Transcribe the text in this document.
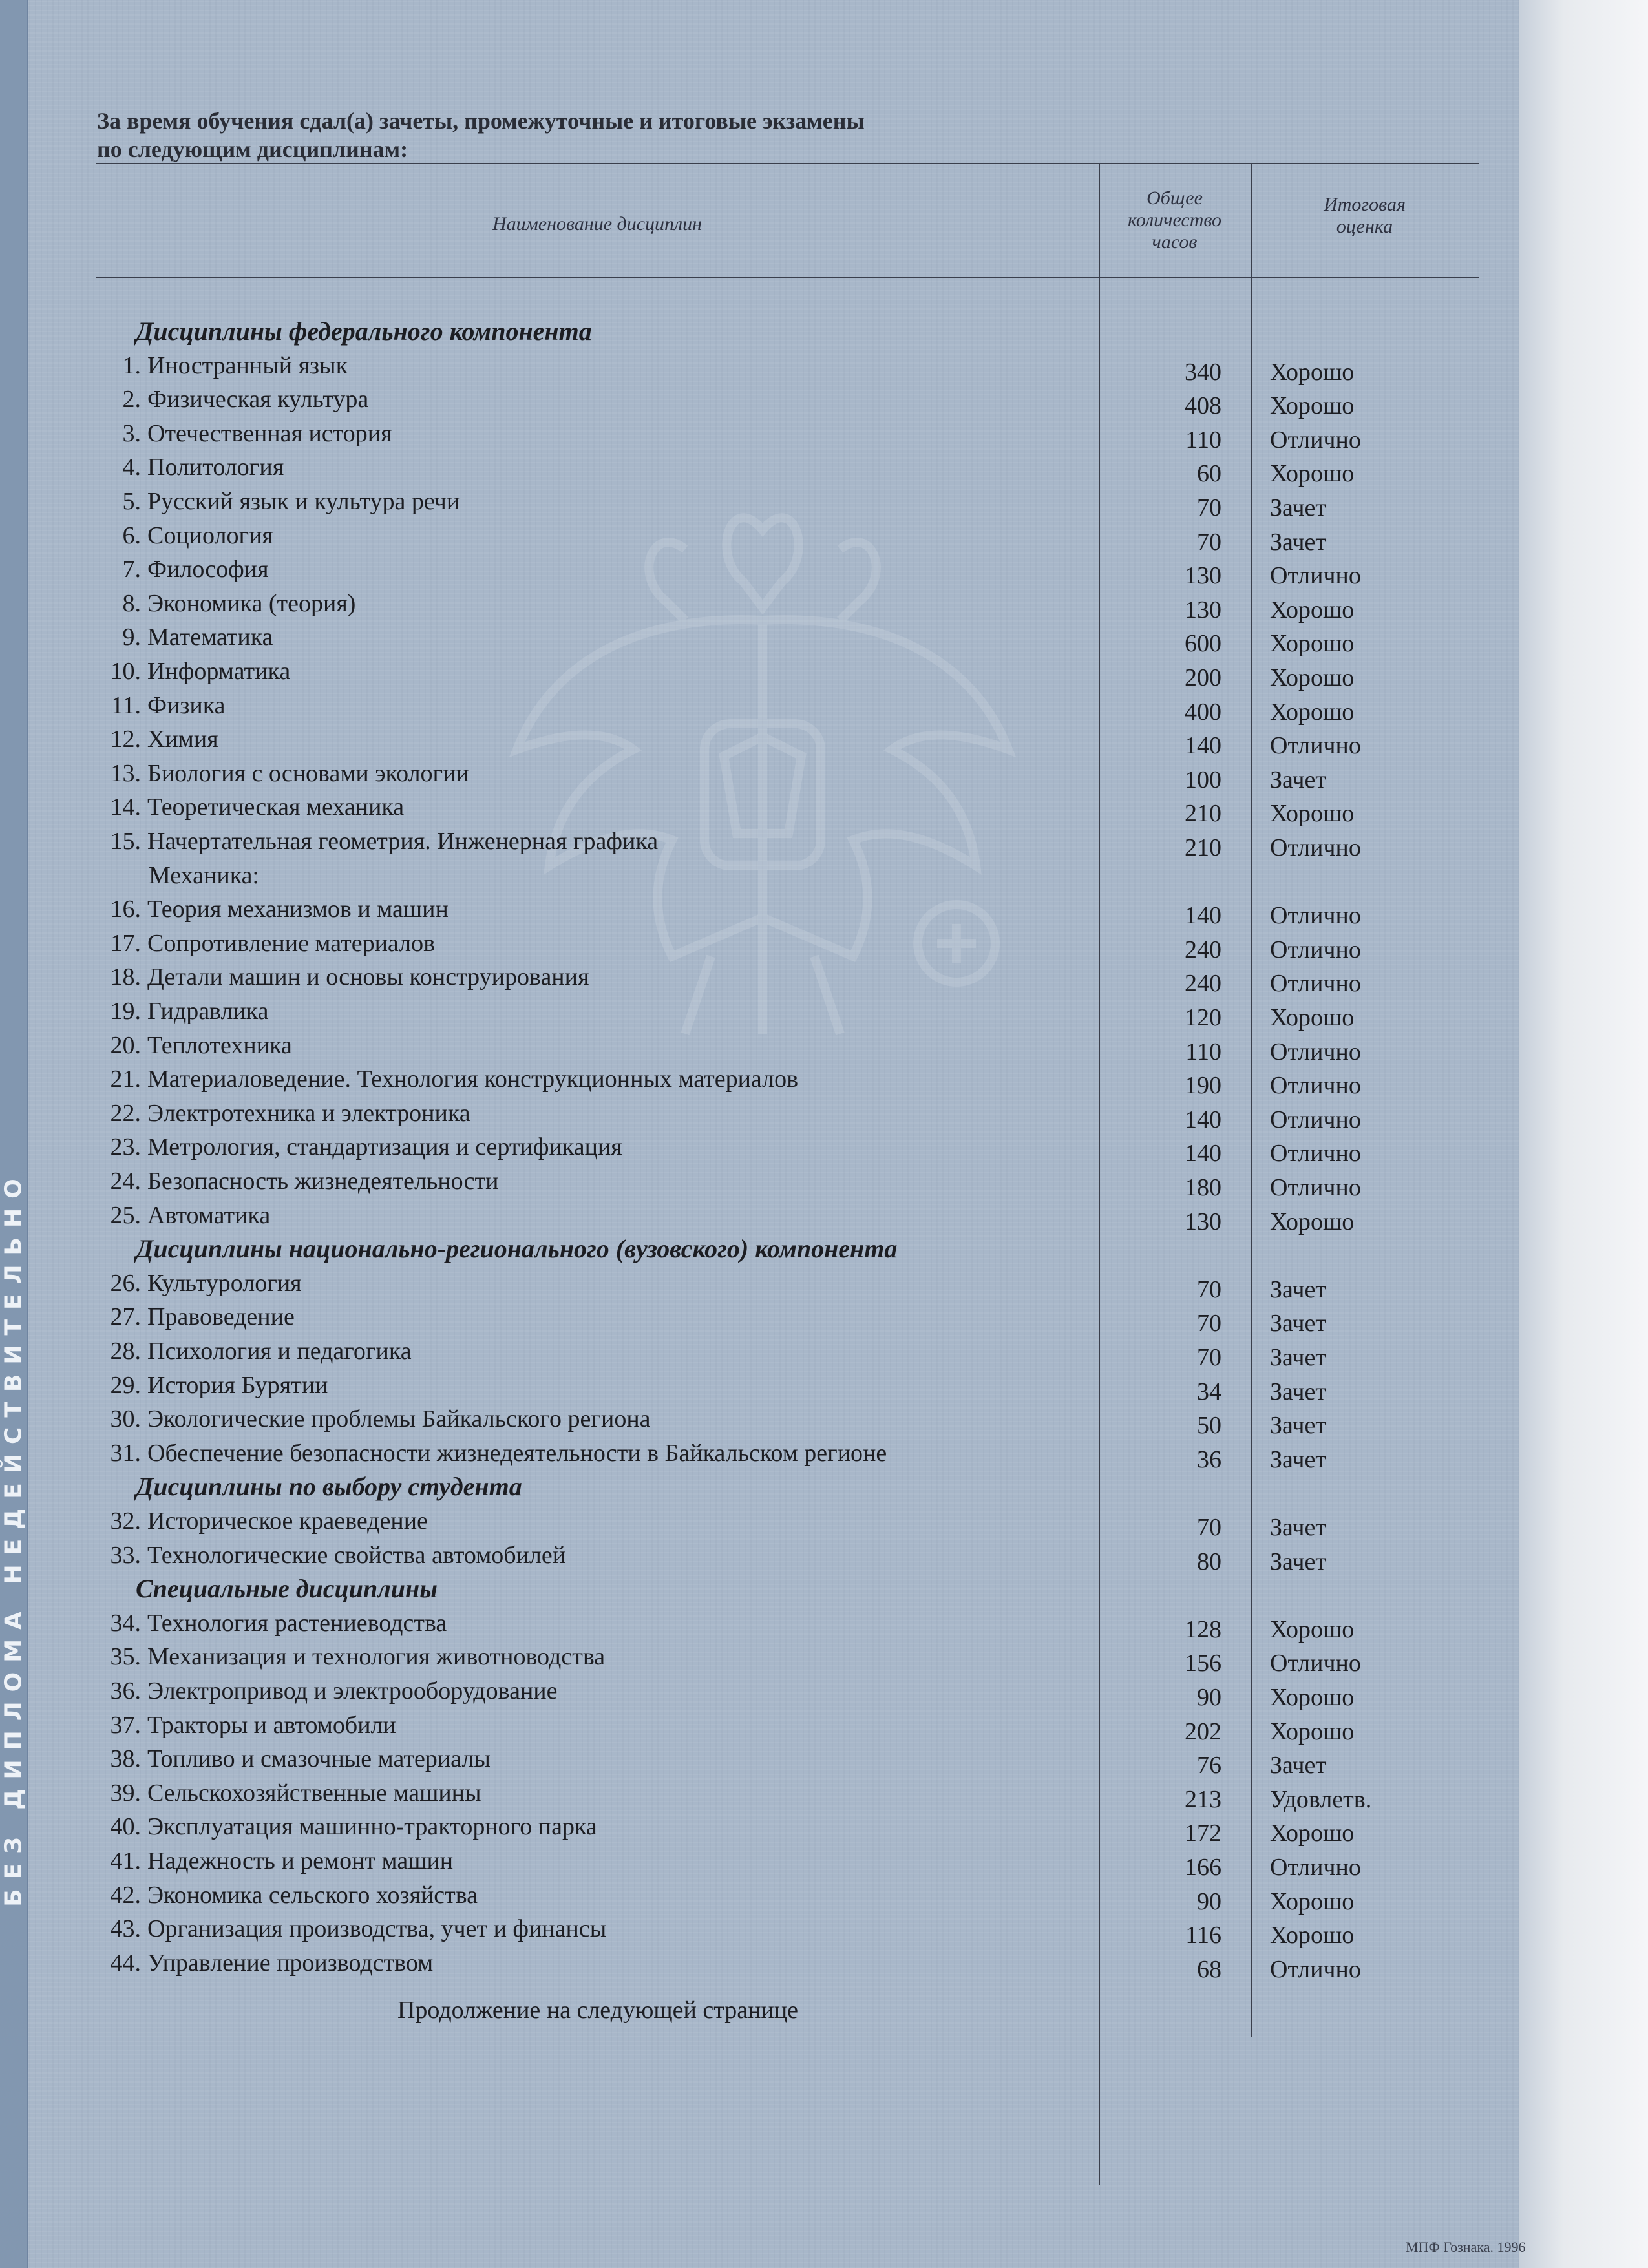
БЕЗ ДИПЛОМА НЕДЕЙСТВИТЕЛЬНО
За время обучения сдал(а) зачеты, промежуточные и итоговые экзамены
по следующим дисциплинам:
Наименование дисциплин
Общее
количество
часов
Итоговая
оценка
Дисциплины федерального компонента
1. Иностранный язык	340 Хорошо
2. Физическая культура	408 Хорошо
3. Отечественная история	110 Отлично
4. Политология	60 Хорошо
5. Русский язык и культура речи	70 Зачет
6. Социология	70 Зачет
7. Философия	130 Отлично
8. Экономика (теория)	130 Хорошо
9. Математика	600 Хорошо
10. Информатика	200 Хорошо
11. Физика	400 Хорошо
12. Химия	140 Отлично
13. Биология с основами экологии	100 Зачет
14. Теоретическая механика	210 Хорошо
15. Начертательная геометрия. Инженерная графика	210 Отлично
Механика:
16. Теория механизмов и машин	140 Отлично
17. Сопротивление материалов	240 Отлично
18. Детали машин и основы конструирования	240 Отлично
19. Гидравлика	120 Хорошо
20. Теплотехника	110 Отлично
21. Материаловедение. Технология конструкционных материалов	190 Отлично
22. Электротехника и электроника	140 Отлично
23. Метрология, стандартизация и сертификация	140 Отлично
24. Безопасность жизнедеятельности	180 Отлично
25. Автоматика	130 Хорошо
Дисциплины национально-регионального (вузовского) компонента
26. Культурология	70 Зачет
27. Правоведение	70 Зачет
28. Психология и педагогика	70 Зачет
29. История Бурятии	34 Зачет
30. Экологические проблемы Байкальского региона	50 Зачет
31. Обеспечение безопасности жизнедеятельности в Байкальском регионе	36 Зачет
Дисциплины по выбору студента
32. Историческое краеведение	70 Зачет
33. Технологические свойства автомобилей	80 Зачет
Специальные дисциплины
34. Технология растениеводства	128 Хорошо
35. Механизация и технология животноводства	156 Отлично
36. Электропривод и электрооборудование	90 Хорошо
37. Тракторы и автомобили	202 Хорошо
38. Топливо и смазочные материалы	76 Зачет
39. Сельскохозяйственные машины	213 Удовлетв.
40. Эксплуатация машинно-тракторного парка	172 Хорошо
41. Надежность и ремонт машин	166 Отлично
42. Экономика сельского хозяйства	90 Хорошо
43. Организация производства, учет и финансы	116 Хорошо
44. Управление производством	68 Отлично
Продолжение на следующей странице
МПФ Гознака. 1996
